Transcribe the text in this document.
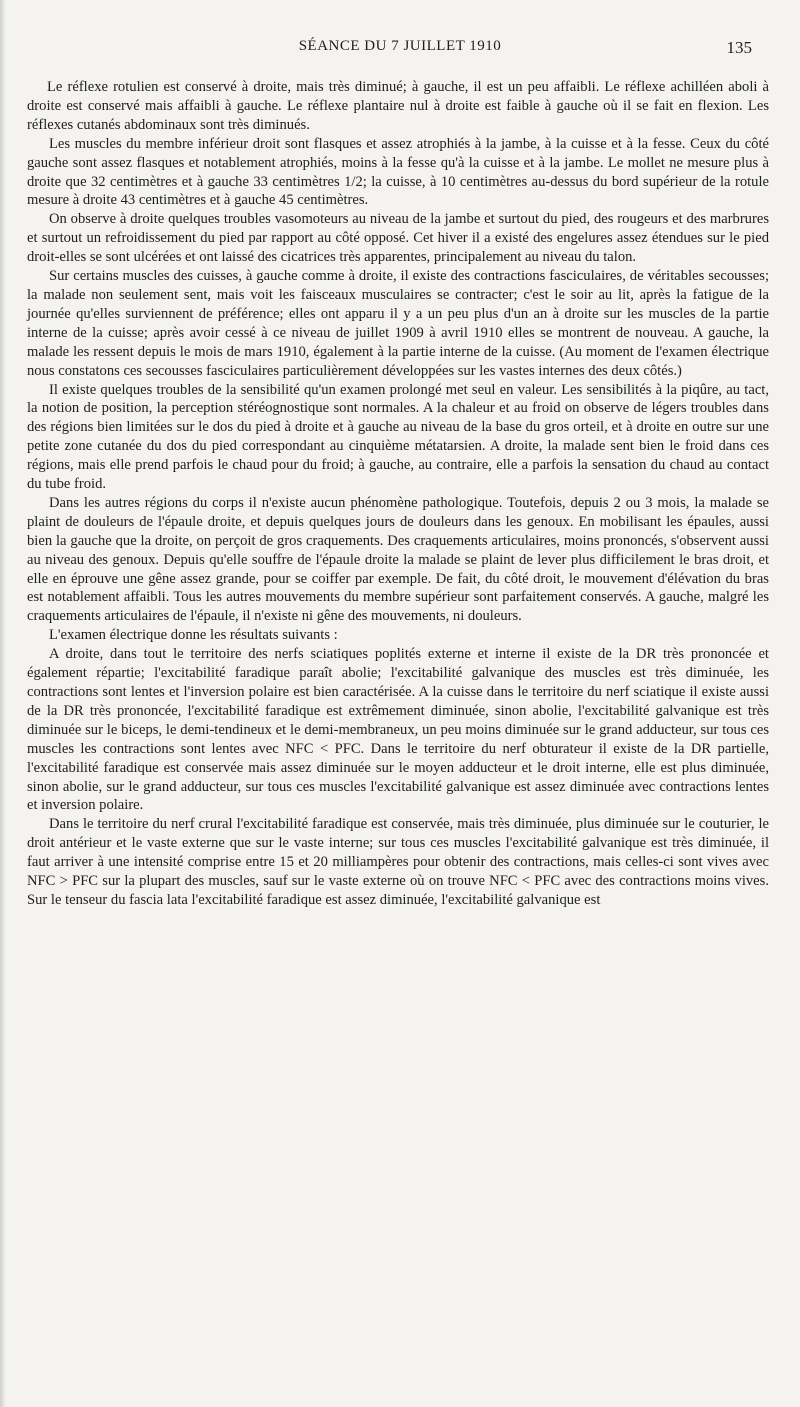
SÉANCE DU 7 JUILLET 1910	135

Le réflexe rotulien est conservé à droite, mais très diminué; à gauche, il est un peu affaibli. Le réflexe achilléen aboli à droite est conservé mais affaibli à gauche. Le réflexe plantaire nul à droite est faible à gauche où il se fait en flexion. Les réflexes cutanés abdominaux sont très diminués.

Les muscles du membre inférieur droit sont flasques et assez atrophiés à la jambe, à la cuisse et à la fesse. Ceux du côté gauche sont assez flasques et notablement atrophiés, moins à la fesse qu'à la cuisse et à la jambe. Le mollet ne mesure plus à droite que 32 centimètres et à gauche 33 centimètres 1/2; la cuisse, à 10 centimètres au-dessus du bord supérieur de la rotule mesure à droite 43 centimètres et à gauche 45 centimètres.

On observe à droite quelques troubles vasomoteurs au niveau de la jambe et surtout du pied, des rougeurs et des marbrures et surtout un refroidissement du pied par rapport au côté opposé. Cet hiver il a existé des engelures assez étendues sur le pied droit-elles se sont ulcérées et ont laissé des cicatrices très apparentes, principalement au niveau du talon.

Sur certains muscles des cuisses, à gauche comme à droite, il existe des contractions fasciculaires, de véritables secousses; la malade non seulement sent, mais voit les faisceaux musculaires se contracter; c'est le soir au lit, après la fatigue de la journée qu'elles surviennent de préférence; elles ont apparu il y a un peu plus d'un an à droite sur les muscles de la partie interne de la cuisse; après avoir cessé à ce niveau de juillet 1909 à avril 1910 elles se montrent de nouveau. A gauche, la malade les ressent depuis le mois de mars 1910, également à la partie interne de la cuisse. (Au moment de l'examen électrique nous constatons ces secousses fasciculaires particulièrement développées sur les vastes internes des deux côtés.)

Il existe quelques troubles de la sensibilité qu'un examen prolongé met seul en valeur. Les sensibilités à la piqûre, au tact, la notion de position, la perception stéréognostique sont normales. A la chaleur et au froid on observe de légers troubles dans des régions bien limitées sur le dos du pied à droite et à gauche au niveau de la base du gros orteil, et à droite en outre sur une petite zone cutanée du dos du pied correspondant au cinquième métatarsien. A droite, la malade sent bien le froid dans ces régions, mais elle prend parfois le chaud pour du froid; à gauche, au contraire, elle a parfois la sensation du chaud au contact du tube froid.

Dans les autres régions du corps il n'existe aucun phénomène pathologique. Toutefois, depuis 2 ou 3 mois, la malade se plaint de douleurs de l'épaule droite, et depuis quelques jours de douleurs dans les genoux. En mobilisant les épaules, aussi bien la gauche que la droite, on perçoit de gros craquements. Des craquements articulaires, moins prononcés, s'observent aussi au niveau des genoux. Depuis qu'elle souffre de l'épaule droite la malade se plaint de lever plus difficilement le bras droit, et elle en éprouve une gêne assez grande, pour se coiffer par exemple. De fait, du côté droit, le mouvement d'élévation du bras est notablement affaibli. Tous les autres mouvements du membre supérieur sont parfaitement conservés. A gauche, malgré les craquements articulaires de l'épaule, il n'existe ni gêne des mouvements, ni douleurs.

L'examen électrique donne les résultats suivants :

A droite, dans tout le territoire des nerfs sciatiques poplités externe et interne il existe de la DR très prononcée et également répartie; l'excitabilité faradique paraît abolie; l'excitabilité galvanique des muscles est très diminuée, les contractions sont lentes et l'inversion polaire est bien caractérisée. A la cuisse dans le territoire du nerf sciatique il existe aussi de la DR très prononcée, l'excitabilité faradique est extrêmement diminuée, sinon abolie, l'excitabilité galvanique est très diminuée sur le biceps, le demi-tendineux et le demi-membraneux, un peu moins diminuée sur le grand adducteur, sur tous ces muscles les contractions sont lentes avec NFC < PFC. Dans le territoire du nerf obturateur il existe de la DR partielle, l'excitabilité faradique est conservée mais assez diminuée sur le moyen adducteur et le droit interne, elle est plus diminuée, sinon abolie, sur le grand adducteur, sur tous ces muscles l'excitabilité galvanique est assez diminuée avec contractions lentes et inversion polaire.

Dans le territoire du nerf crural l'excitabilité faradique est conservée, mais très diminuée, plus diminuée sur le couturier, le droit antérieur et le vaste externe que sur le vaste interne; sur tous ces muscles l'excitabilité galvanique est très diminuée, il faut arriver à une intensité comprise entre 15 et 20 milliampères pour obtenir des contractions, mais celles-ci sont vives avec NFC > PFC sur la plupart des muscles, sauf sur le vaste externe où on trouve NFC < PFC avec des contractions moins vives. Sur le tenseur du fascia lata l'excitabilité faradique est assez diminuée, l'excitabilité galvanique est
